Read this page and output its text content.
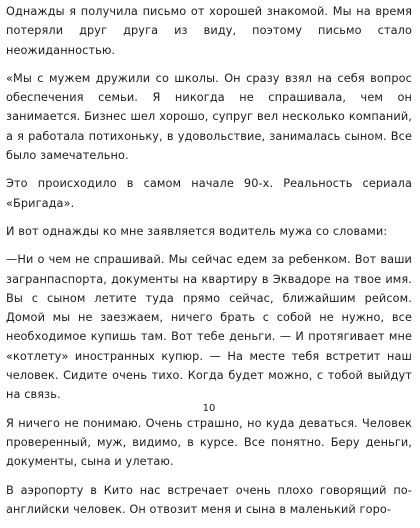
Однажды я получила письмо от хорошей знакомой. Мы на время потеряли друг друга из виду, поэтому письмо стало неожиданностью.

«Мы с мужем дружили со школы. Он сразу взял на себя вопрос обеспечения семьи. Я никогда не спрашивала, чем он занимается. Бизнес шел хорошо, супруг вел несколько компаний, а я работала потихоньку, в удовольствие, занималась сыном. Все было замечательно.

Это происходило в самом начале 90-х. Реальность сериала «Бригада».

И вот однажды ко мне заявляется водитель мужа со словами:

—Ни о чем не спрашивай. Мы сейчас едем за ребенком. Вот ваши загранпаспорта, документы на квартиру в Эквадоре на твое имя. Вы с сыном летите туда прямо сейчас, ближайшим рейсом. Домой мы не заезжаем, ничего брать с собой не нужно, все необходимое купишь там. Вот тебе деньги. — И протягивает мне «котлету» иностранных купюр. — На месте тебя встретит наш человек. Сидите очень тихо. Когда будет можно, с тобой выйдут на связь.

Я ничего не понимаю. Очень страшно, но куда деваться. Человек проверенный, муж, видимо, в курсе. Все понятно. Беру деньги, документы, сына и улетаю.

В аэропорту в Кито нас встречает очень плохо говорящий по-английски человек. Он отвозит меня и сына в маленький горо-

10
